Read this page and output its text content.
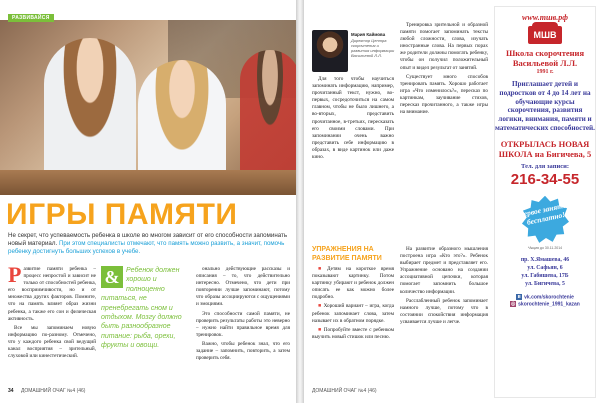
РАЗВИВАЙСЯ
ИГРЫ ПАМЯТИ
Не секрет, что успеваемость ребенка в школе во многом зависит от его способности запоминать новый материал. При этом специалисты отмечают, что память можно развить, а значит, помочь ребенку достигнуть больших успехов в учебе.

Развитие памяти ребенка – процесс непростой и зависит не только от способностей ребенка, его восприимчивости, но и от множества других факторов. Помните, что на память влияет образ жизни ребенка, а также его сон и физическая активность.

Все мы запоминаем новую информацию по-разному. Отмечено, что у каждого ребенка свой ведущий канал восприятия – зрительный, слуховой или кинестетический.

& Ребенок должен хорошо и полноценно питаться, не пренебрегать сном и отдыхом. Мозгу должно быть разнообразное питание: рыба, орехи, фрукты и овощи.

онально действующие рассказы и описания – то, что действительно интересно. Отмечено, что дети при повторении лучше запоминают, потому что образы ассоциируются с ощущениями и эмоциями.

Это способности самой памяти, не проверить результаты работы это неверно – нужно найти правильное время для тренировок.

Важно, чтобы ребенок знал, что его задание – запомнить, повторить, а затем проверить себя.

34 ДОМАШНИЙ ОЧАГ №4 (46)
Мария Каймова
Директор Центра скорочтения и развития информации Васильевой Л.Л.

Для того чтобы научиться запоминать информацию, например, прочитанный текст, нужно, во-первых, сосредоточиться на самом главном, чтобы не было лишнего, а во-вторых, представить прочитанное, в-третьих, пересказать его своими словами. При запоминании очень важно представить себе информацию в образах, в виде картинок или даже кино.

Тренировка зрительной и образной памяти помогает запоминать тексты любой сложности, слова, изучать иностранные слова. На первых порах же родители должны помогать ребенку, чтобы он получил положительный опыт и видел результат от занятий.

Существует много способов тренировать память. Хорошо работает игра «Что изменилось?», пересказ по картинкам, заучивание стихов, пересказ прочитанного, а также игры на внимание.

На развитие образного мышления построена игра «Кто это?». Ребенок выбирает предмет и представляет его. Упражнение основано на создании ассоциативной цепочки, которая помогает запомнить большое количество информации.

Расслабленный ребенок запоминает намного лучше, потому что в состоянии спокойствия информация усваивается лучше и легче.

УПРАЖНЕНИЯ НА РАЗВИТИЕ ПАМЯТИ

■ Детям на короткое время показывают картинку. Потом картинку убирают и ребенок должен описать ее как можно более подробно.

■ Хороший вариант – игра, когда ребенок запоминает слова, затем называет их в обратном порядке.

■ Попробуйте вместе с ребенком выучить новый стишок или песню.

www.mшв.рф
МШВ
Школа скорочтения Васильевой Л.Л.
1991 г.
Приглашает детей и подростков от 4 до 14 лет на обучающие курсы скорочтения, развития логики, внимания, памяти и математических способностей.
ОТКРЫЛАСЬ НОВАЯ ШКОЛА на Бигичева, 5
Тел. для записи:
216-34-55
Первое занятие бесплатно!
*Акция до 30.11.2014
пр. Х.Ямашева, 46
ул. Сафьян, 6
ул. Габишева, 17Б
ул. Бигичева, 5
в vk.com/skorochtenie
◎ skorochtenie_1991_kazan
ДОМАШНИЙ ОЧАГ №4 (46)
